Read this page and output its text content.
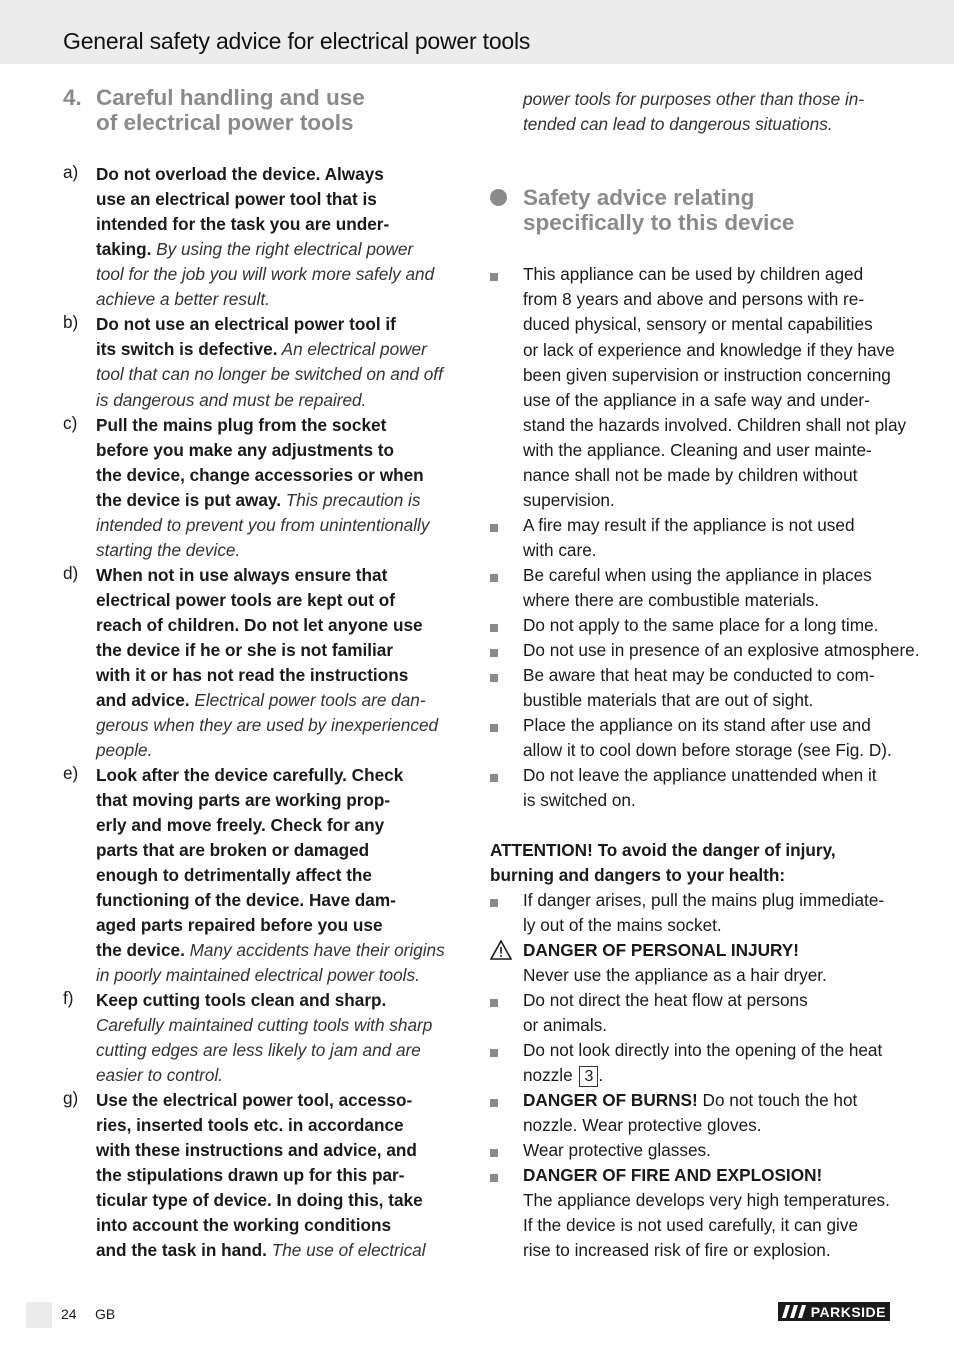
General safety advice for electrical power tools
4. Careful handling and use
of electrical power tools
a) Do not overload the device. Always
use an electrical power tool that is
intended for the task you are under-
taking. By using the right electrical power
tool for the job you will work more safely and
achieve a better result.
b) Do not use an electrical power tool if
its switch is defective. An electrical power
tool that can no longer be switched on and off
is dangerous and must be repaired.
c) Pull the mains plug from the socket
before you make any adjustments to
the device, change accessories or when
the device is put away. This precaution is
intended to prevent you from unintentionally
starting the device.
d) When not in use always ensure that
electrical power tools are kept out of
reach of children. Do not let anyone use
the device if he or she is not familiar
with it or has not read the instructions
and advice. Electrical power tools are dan-
gerous when they are used by inexperienced
people.
e) Look after the device carefully. Check
that moving parts are working prop-
erly and move freely. Check for any
parts that are broken or damaged
enough to detrimentally affect the
functioning of the device. Have dam-
aged parts repaired before you use
the device. Many accidents have their origins
in poorly maintained electrical power tools.
f) Keep cutting tools clean and sharp.
Carefully maintained cutting tools with sharp
cutting edges are less likely to jam and are
easier to control.
g) Use the electrical power tool, accesso-
ries, inserted tools etc. in accordance
with these instructions and advice, and
the stipulations drawn up for this par-
ticular type of device. In doing this, take
into account the working conditions
and the task in hand. The use of electrical
power tools for purposes other than those in-
tended can lead to dangerous situations.
Safety advice relating
specifically to this device
This appliance can be used by children aged
from 8 years and above and persons with re-
duced physical, sensory or mental capabilities
or lack of experience and knowledge if they have
been given supervision or instruction concerning
use of the appliance in a safe way and under-
stand the hazards involved. Children shall not play
with the appliance. Cleaning and user mainte-
nance shall not be made by children without
supervision.
A fire may result if the appliance is not used
with care.
Be careful when using the appliance in places
where there are combustible materials.
Do not apply to the same place for a long time.
Do not use in presence of an explosive atmosphere.
Be aware that heat may be conducted to com-
bustible materials that are out of sight.
Place the appliance on its stand after use and
allow it to cool down before storage (see Fig. D).
Do not leave the appliance unattended when it
is switched on.
ATTENTION! To avoid the danger of injury,
burning and dangers to your health:
If danger arises, pull the mains plug immediate-
ly out of the mains socket.
DANGER OF PERSONAL INJURY!
Never use the appliance as a hair dryer.
Do not direct the heat flow at persons
or animals.
Do not look directly into the opening of the heat
DANGER OF BURNS! Do not touch the hot
nozzle. Wear protective gloves.
Wear protective glasses.
DANGER OF FIRE AND EXPLOSION!
The appliance develops very high temperatures.
If the device is not used carefully, it can give
rise to increased risk of fire or explosion.
nozzle 3 .
24 GB	PARKSIDE
